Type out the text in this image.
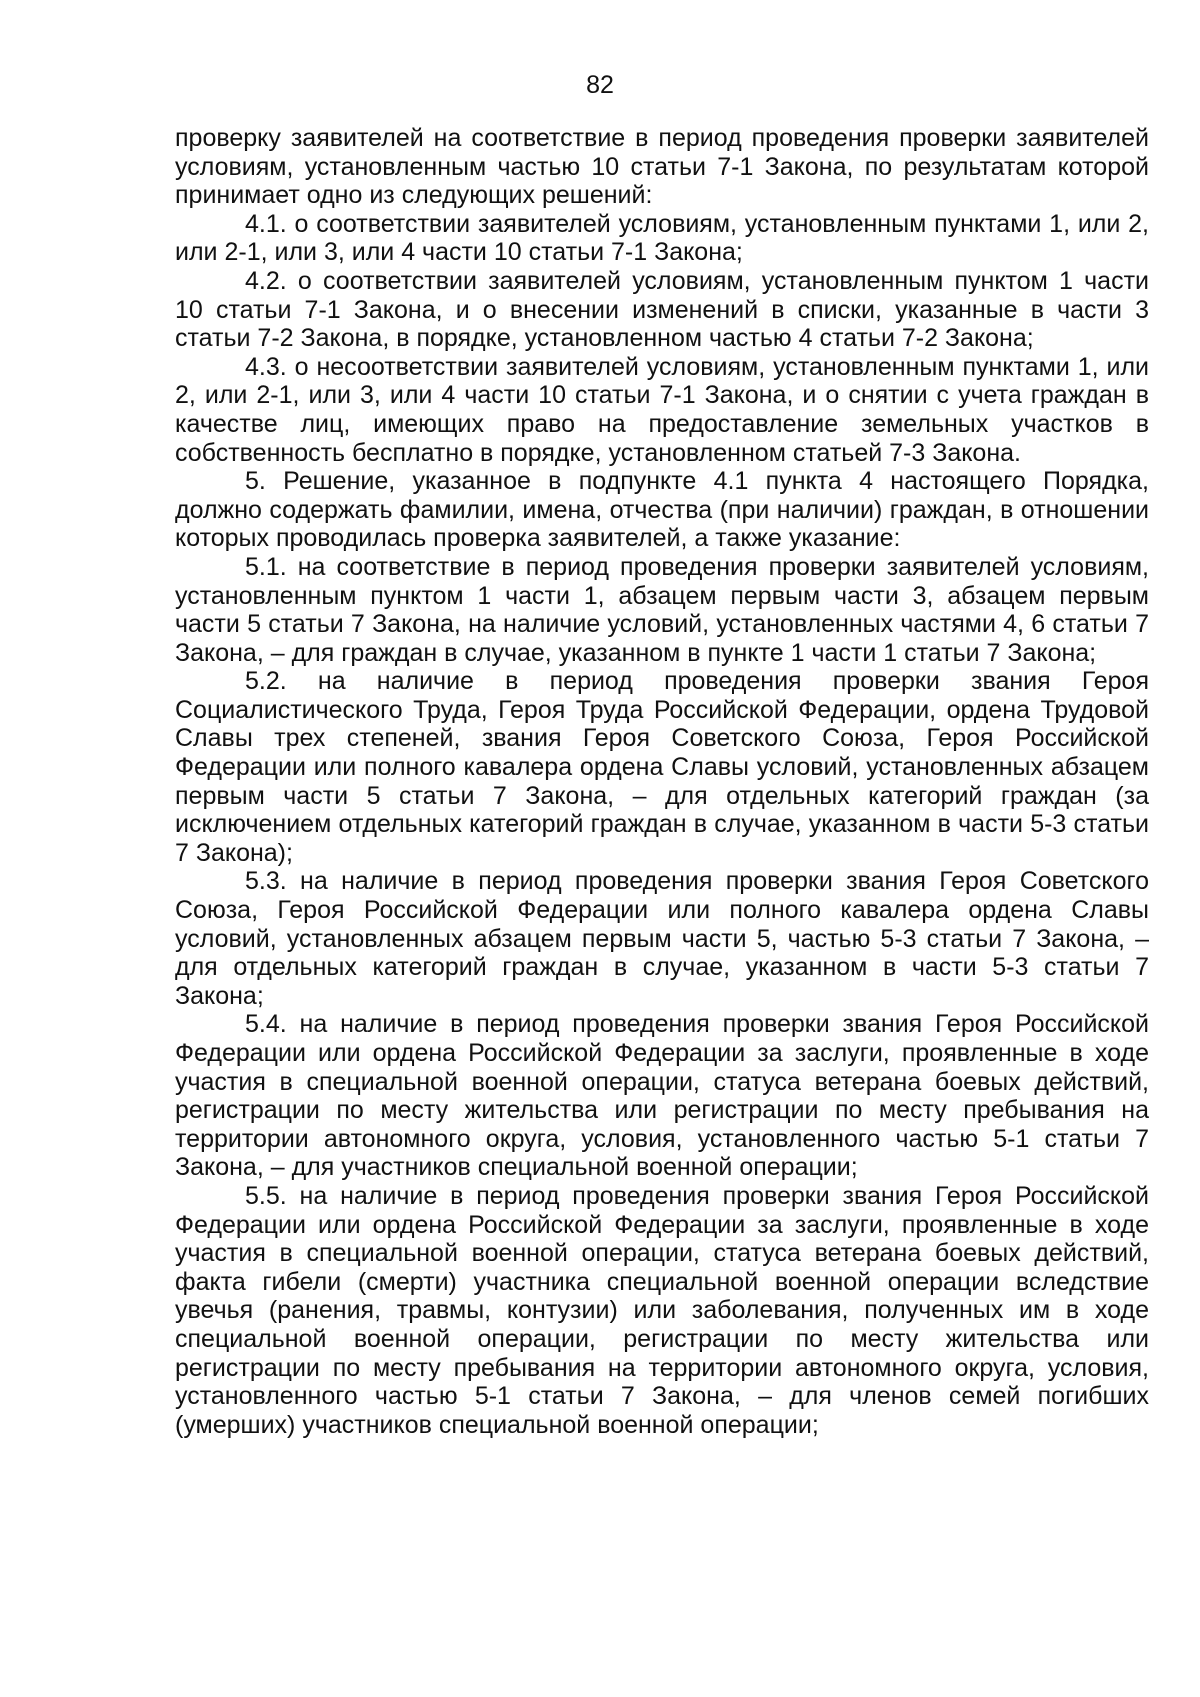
82

проверку заявителей на соответствие в период проведения проверки заявителей условиям, установленным частью 10 статьи 7-1 Закона, по результатам которой принимает одно из следующих решений:

4.1. о соответствии заявителей условиям, установленным пунктами 1, или 2, или 2-1, или 3, или 4 части 10 статьи 7-1 Закона;

4.2. о соответствии заявителей условиям, установленным пунктом 1 части 10 статьи 7-1 Закона, и о внесении изменений в списки, указанные в части 3 статьи 7-2 Закона, в порядке, установленном частью 4 статьи 7-2 Закона;

4.3. о несоответствии заявителей условиям, установленным пунктами 1, или 2, или 2-1, или 3, или 4 части 10 статьи 7-1 Закона, и о снятии с учета граждан в качестве лиц, имеющих право на предоставление земельных участков в собственность бесплатно в порядке, установленном статьей 7-3 Закона.

5. Решение, указанное в подпункте 4.1 пункта 4 настоящего Порядка, должно содержать фамилии, имена, отчества (при наличии) граждан, в отношении которых проводилась проверка заявителей, а также указание:

5.1. на соответствие в период проведения проверки заявителей условиям, установленным пунктом 1 части 1, абзацем первым части 3, абзацем первым части 5 статьи 7 Закона, на наличие условий, установленных частями 4, 6 статьи 7 Закона, – для граждан в случае, указанном в пункте 1 части 1 статьи 7 Закона;

5.2. на наличие в период проведения проверки звания Героя Социалистического Труда, Героя Труда Российской Федерации, ордена Трудовой Славы трех степеней, звания Героя Советского Союза, Героя Российской Федерации или полного кавалера ордена Славы условий, установленных абзацем первым части 5 статьи 7 Закона, – для отдельных категорий граждан (за исключением отдельных категорий граждан в случае, указанном в части 5-3 статьи 7 Закона);

5.3. на наличие в период проведения проверки звания Героя Советского Союза, Героя Российской Федерации или полного кавалера ордена Славы условий, установленных абзацем первым части 5, частью 5-3 статьи 7 Закона, – для отдельных категорий граждан в случае, указанном в части 5-3 статьи 7 Закона;

5.4. на наличие в период проведения проверки звания Героя Российской Федерации или ордена Российской Федерации за заслуги, проявленные в ходе участия в специальной военной операции, статуса ветерана боевых действий, регистрации по месту жительства или регистрации по месту пребывания на территории автономного округа, условия, установленного частью 5-1 статьи 7 Закона, – для участников специальной военной операции;

5.5. на наличие в период проведения проверки звания Героя Российской Федерации или ордена Российской Федерации за заслуги, проявленные в ходе участия в специальной военной операции, статуса ветерана боевых действий, факта гибели (смерти) участника специальной военной операции вследствие увечья (ранения, травмы, контузии) или заболевания, полученных им в ходе специальной военной операции, регистрации по месту жительства или регистрации по месту пребывания на территории автономного округа, условия, установленного частью 5-1 статьи 7 Закона, – для членов семей погибших (умерших) участников специальной военной операции;
